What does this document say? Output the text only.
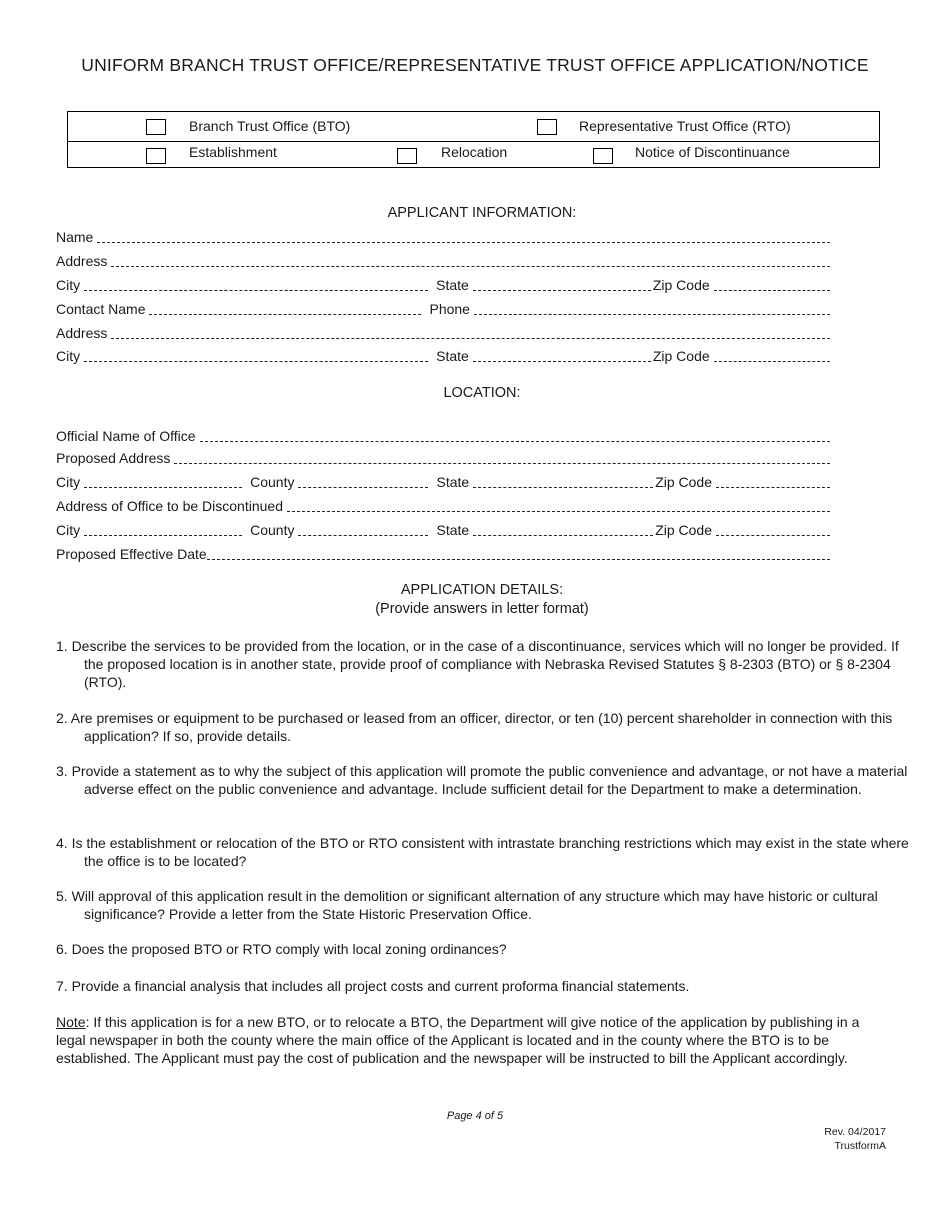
UNIFORM BRANCH TRUST OFFICE/REPRESENTATIVE TRUST OFFICE APPLICATION/NOTICE
Branch Trust Office (BTO)	Representative Trust Office (RTO)
Establishment	Relocation	Notice of Discontinuance
APPLICANT INFORMATION:
Name
Address
City	State	Zip Code
Contact Name	Phone
Address
City	State	Zip Code
LOCATION:
Official Name of Office
Proposed Address
City	County	State	Zip Code
Address of Office to be Discontinued
City	County	State	Zip Code
Proposed Effective Date
APPLICATION DETAILS:
(Provide answers in letter format)

1. Describe the services to be provided from the location, or in the case of a discontinuance, services which will no longer be provided. If the proposed location is in another state, provide proof of compliance with Nebraska Revised Statutes § 8-2303 (BTO) or § 8-2304 (RTO).

2. Are premises or equipment to be purchased or leased from an officer, director, or ten (10) percent shareholder in connection with this application? If so, provide details.

3. Provide a statement as to why the subject of this application will promote the public convenience and advantage, or not have a material adverse effect on the public convenience and advantage. Include sufficient detail for the Department to make a determination.

4. Is the establishment or relocation of the BTO or RTO consistent with intrastate branching restrictions which may exist in the state where the office is to be located?

5. Will approval of this application result in the demolition or significant alternation of any structure which may have historic or cultural significance? Provide a letter from the State Historic Preservation Office.

6. Does the proposed BTO or RTO comply with local zoning ordinances?

7. Provide a financial analysis that includes all project costs and current proforma financial statements.

Note: If this application is for a new BTO, or to relocate a BTO, the Department will give notice of the application by publishing in a legal newspaper in both the county where the main office of the Applicant is located and in the county where the BTO is to be established. The Applicant must pay the cost of publication and the newspaper will be instructed to bill the Applicant accordingly.

Page 4 of 5
Rev. 04/2017
TrustformA
